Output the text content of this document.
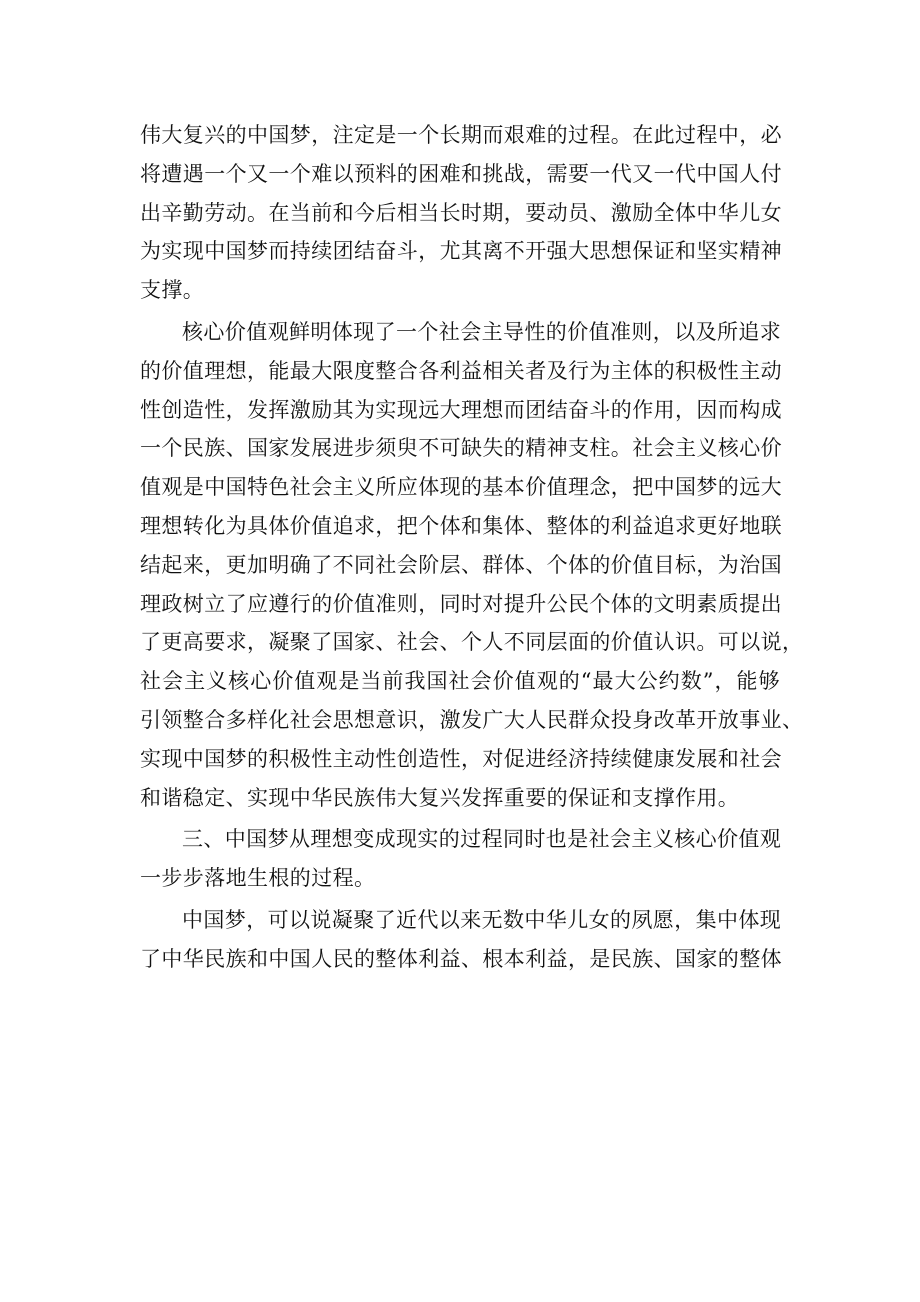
伟大复兴的中国梦，注定是一个长期而艰难的过程。在此过程中，必
将遭遇一个又一个难以预料的困难和挑战，需要一代又一代中国人付
出辛勤劳动。在当前和今后相当长时期，要动员、激励全体中华儿女
为实现中国梦而持续团结奋斗，尤其离不开强大思想保证和坚实精神
支撑。
核心价值观鲜明体现了一个社会主导性的价值准则，以及所追求
的价值理想，能最大限度整合各利益相关者及行为主体的积极性主动
性创造性，发挥激励其为实现远大理想而团结奋斗的作用，因而构成
一个民族、国家发展进步须臾不可缺失的精神支柱。社会主义核心价
值观是中国特色社会主义所应体现的基本价值理念，把中国梦的远大
理想转化为具体价值追求，把个体和集体、整体的利益追求更好地联
结起来，更加明确了不同社会阶层、群体、个体的价值目标，为治国
理政树立了应遵行的价值准则，同时对提升公民个体的文明素质提出
了更高要求，凝聚了国家、社会、个人不同层面的价值认识。可以说，
社会主义核心价值观是当前我国社会价值观的“最大公约数”，能够
引领整合多样化社会思想意识，激发广大人民群众投身改革开放事业、
实现中国梦的积极性主动性创造性，对促进经济持续健康发展和社会
和谐稳定、实现中华民族伟大复兴发挥重要的保证和支撑作用。
三、中国梦从理想变成现实的过程同时也是社会主义核心价值观
一步步落地生根的过程。
中国梦，可以说凝聚了近代以来无数中华儿女的夙愿，集中体现
了中华民族和中国人民的整体利益、根本利益，是民族、国家的整体
